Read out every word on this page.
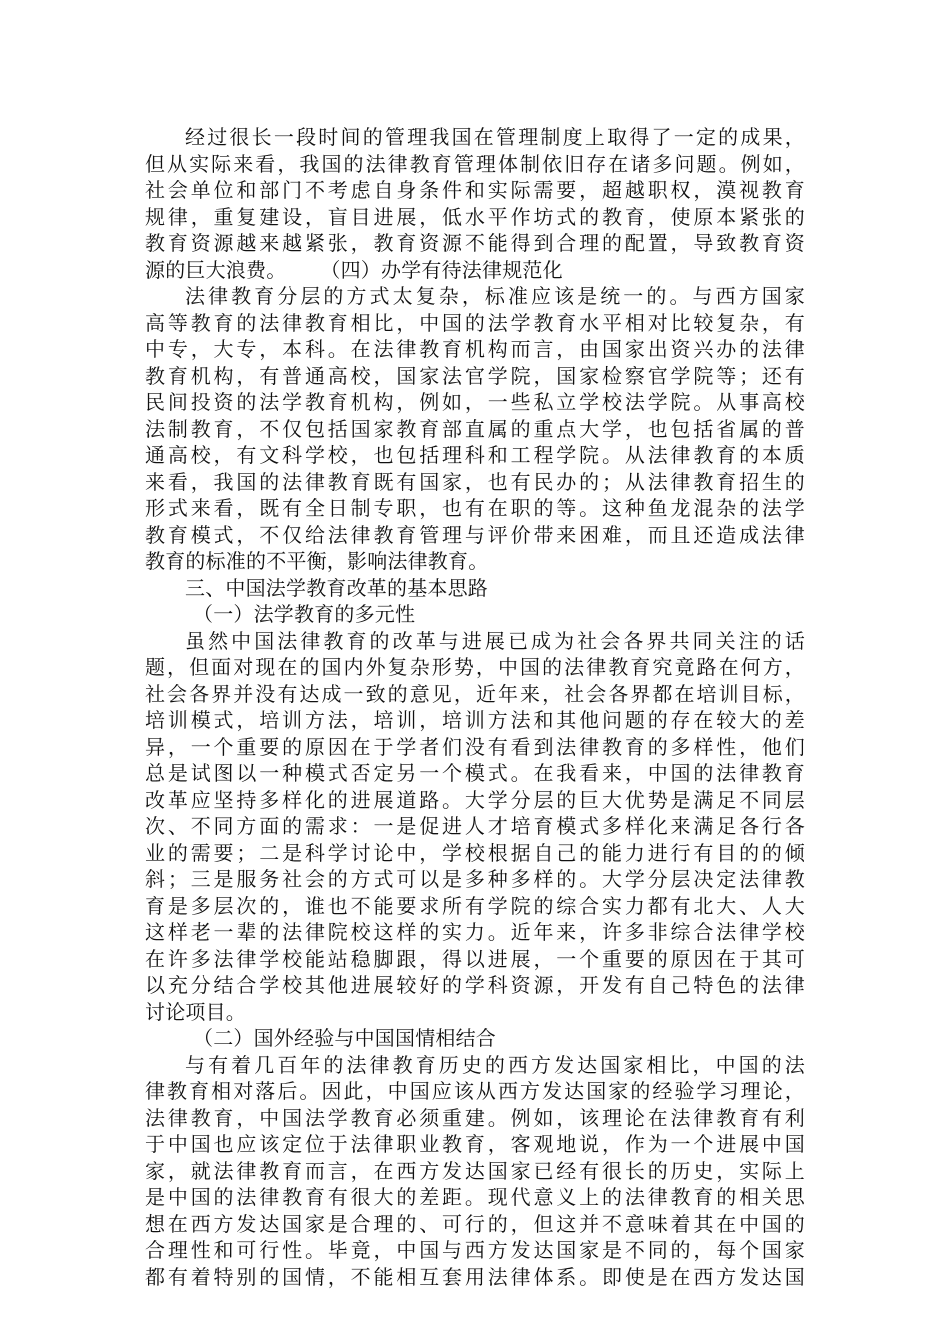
经过很长一段时间的管理我国在管理制度上取得了一定的成果，
但从实际来看，我国的法律教育管理体制依旧存在诸多问题。例如，
社会单位和部门不考虑自身条件和实际需要，超越职权，漠视教育
规律，重复建设，盲目进展，低水平作坊式的教育，使原本紧张的
教育资源越来越紧张，教育资源不能得到合理的配置，导致教育资
源的巨大浪费。 （四）办学有待法律规范化
法律教育分层的方式太复杂，标准应该是统一的。与西方国家
高等教育的法律教育相比，中国的法学教育水平相对比较复杂，有
中专，大专，本科。在法律教育机构而言，由国家出资兴办的法律
教育机构，有普通高校，国家法官学院，国家检察官学院等；还有
民间投资的法学教育机构，例如，一些私立学校法学院。从事高校
法制教育，不仅包括国家教育部直属的重点大学，也包括省属的普
通高校，有文科学校，也包括理科和工程学院。从法律教育的本质
来看，我国的法律教育既有国家，也有民办的；从法律教育招生的
形式来看，既有全日制专职，也有在职的等。这种鱼龙混杂的法学
教育模式，不仅给法律教育管理与评价带来困难，而且还造成法律
教育的标准的不平衡，影响法律教育。
三、中国法学教育改革的基本思路
（一）法学教育的多元性
虽然中国法律教育的改革与进展已成为社会各界共同关注的话
题，但面对现在的国内外复杂形势，中国的法律教育究竟路在何方，
社会各界并没有达成一致的意见，近年来，社会各界都在培训目标，
培训模式，培训方法，培训，培训方法和其他问题的存在较大的差
异，一个重要的原因在于学者们没有看到法律教育的多样性，他们
总是试图以一种模式否定另一个模式。在我看来，中国的法律教育
改革应坚持多样化的进展道路。大学分层的巨大优势是满足不同层
次、不同方面的需求：一是促进人才培育模式多样化来满足各行各
业的需要；二是科学讨论中，学校根据自己的能力进行有目的的倾
斜；三是服务社会的方式可以是多种多样的。大学分层决定法律教
育是多层次的，谁也不能要求所有学院的综合实力都有北大、人大
这样老一辈的法律院校这样的实力。近年来，许多非综合法律学校
在许多法律学校能站稳脚跟，得以进展，一个重要的原因在于其可
以充分结合学校其他进展较好的学科资源，开发有自己特色的法律
讨论项目。
（二）国外经验与中国国情相结合
与有着几百年的法律教育历史的西方发达国家相比，中国的法
律教育相对落后。因此，中国应该从西方发达国家的经验学习理论，
法律教育，中国法学教育必须重建。例如，该理论在法律教育有利
于中国也应该定位于法律职业教育，客观地说，作为一个进展中国
家，就法律教育而言，在西方发达国家已经有很长的历史，实际上
是中国的法律教育有很大的差距。现代意义上的法律教育的相关思
想在西方发达国家是合理的、可行的，但这并不意味着其在中国的
合理性和可行性。毕竟，中国与西方发达国家是不同的，每个国家
都有着特别的国情，不能相互套用法律体系。即使是在西方发达国
